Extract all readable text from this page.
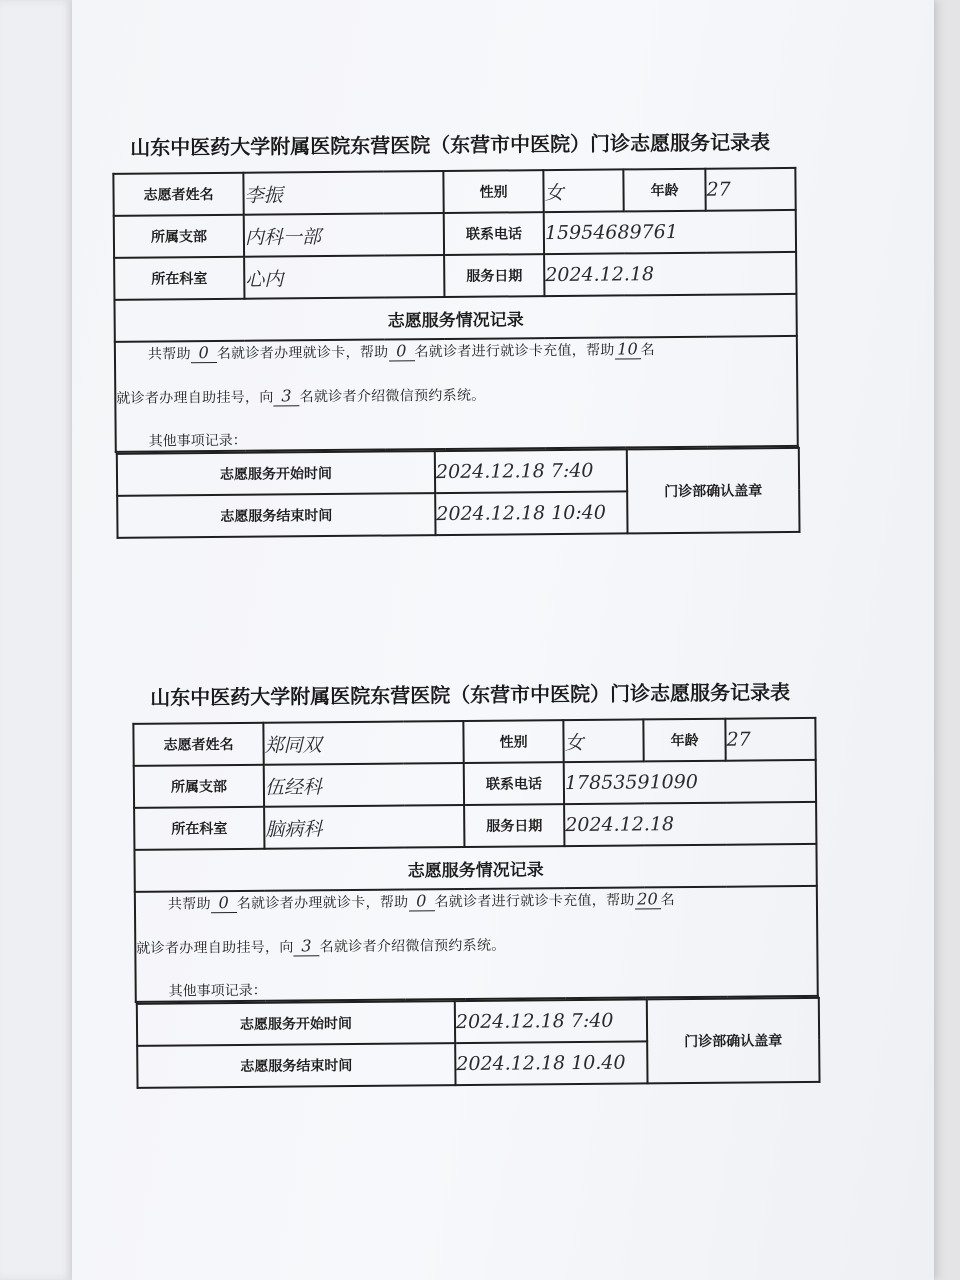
山东中医药大学附属医院东营医院（东营市中医院）门诊志愿服务记录表
志愿者姓名	李振	性别	女	年龄	27
所属支部	内科一部	联系电话	15954689761
所在科室	心内	服务日期	2024.12.18
志愿服务情况记录

共帮助 0 名就诊者办理就诊卡，帮助 0 名就诊者进行就诊卡充值，帮助 10 名
就诊者办理自助挂号，向 3 名就诊者介绍微信预约系统。
其他事项记录：

志愿服务开始时间	2024.12.18 7:40	门诊部确认盖章
志愿服务结束时间	2024.12.18 10:40
山东中医药大学附属医院东营医院（东营市中医院）门诊志愿服务记录表
志愿者姓名	郑同双	性别	女	年龄	27
所属支部	伍经科	联系电话	17853591090
所在科室	脑病科	服务日期	2024.12.18
志愿服务情况记录

共帮助 0 名就诊者办理就诊卡，帮助 0 名就诊者进行就诊卡充值，帮助 20 名
就诊者办理自助挂号，向 3 名就诊者介绍微信预约系统。
其他事项记录：

志愿服务开始时间	2024.12.18 7:40	门诊部确认盖章
志愿服务结束时间	2024.12.18 10.40
